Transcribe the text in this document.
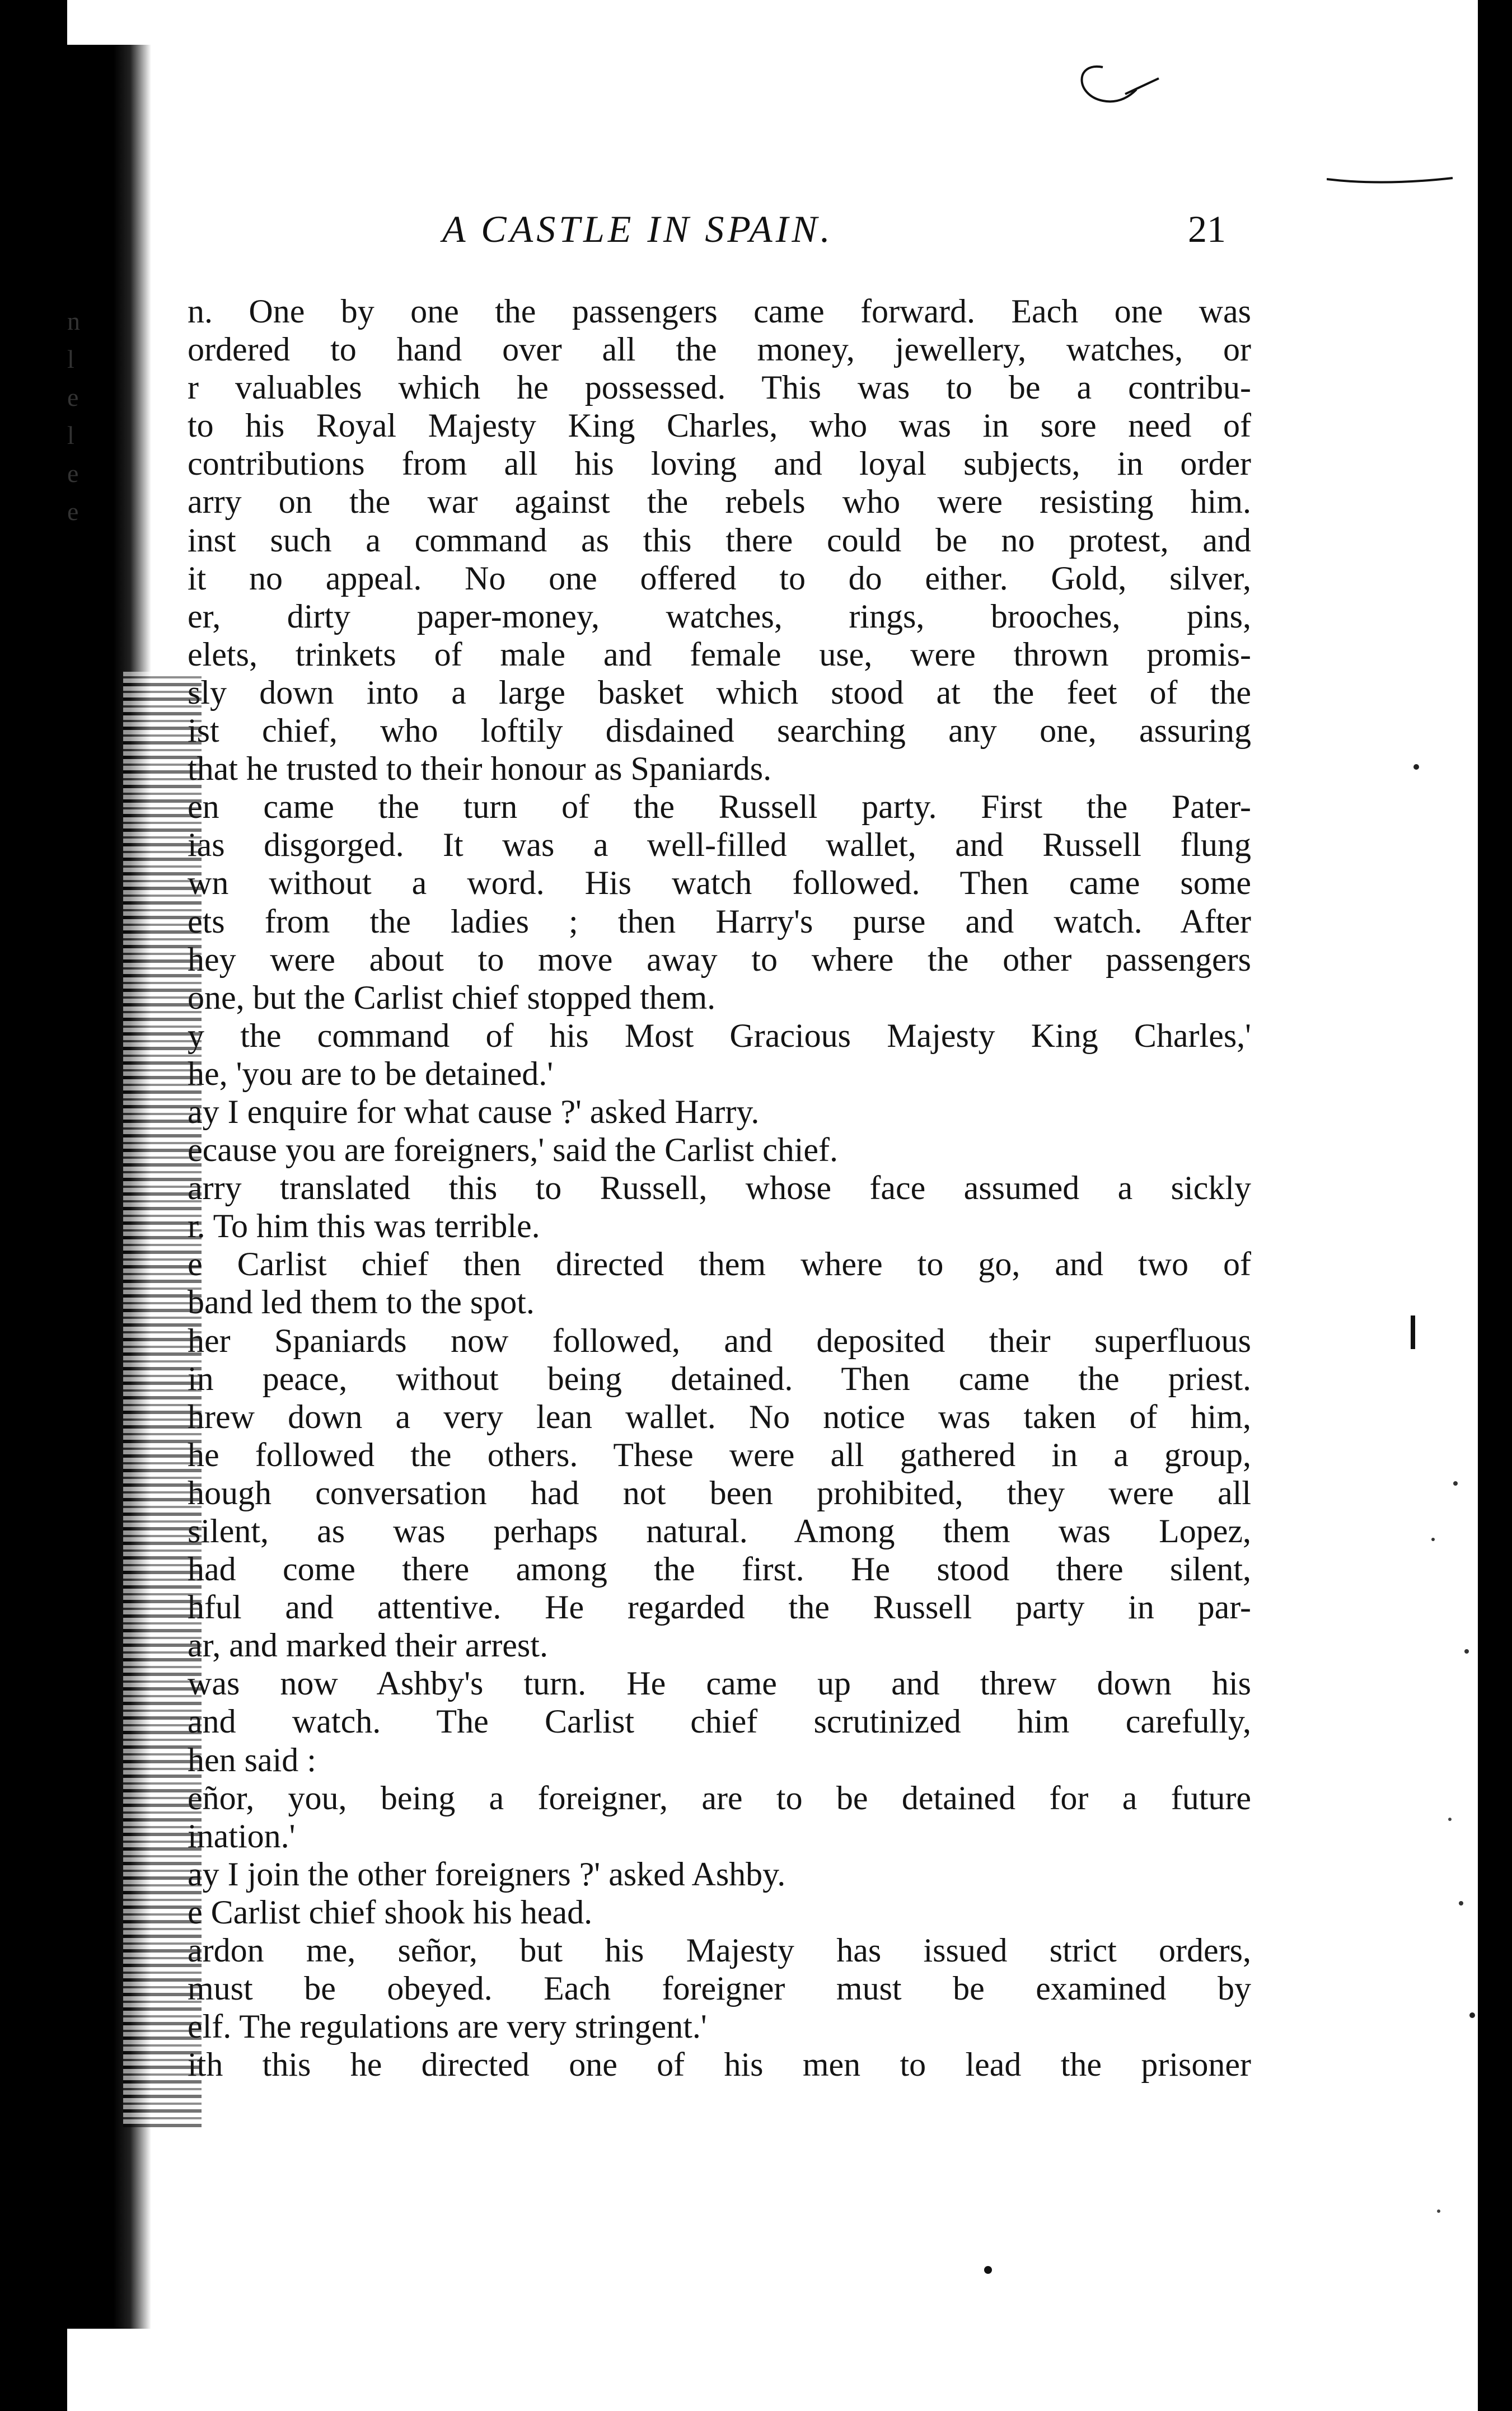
n
l
e
l
e
e
A CASTLE IN SPAIN.	21
n. One by one the passengers came forward. Each one was
ordered to hand over all the money, jewellery, watches, or
r valuables which he possessed. This was to be a contribu-
to his Royal Majesty King Charles, who was in sore need of
contributions from all his loving and loyal subjects, in order
arry on the war against the rebels who were resisting him.
inst such a command as this there could be no protest, and
it no appeal. No one offered to do either. Gold, silver,
er, dirty paper-money, watches, rings, brooches, pins,
elets, trinkets of male and female use, were thrown promis-
sly down into a large basket which stood at the feet of the
ist chief, who loftily disdained searching any one, assuring
that he trusted to their honour as Spaniards.
en came the turn of the Russell party. First the Pater-
ias disgorged. It was a well-filled wallet, and Russell flung
wn without a word. His watch followed. Then came some
ets from the ladies ; then Harry's purse and watch. After
hey were about to move away to where the other passengers
one, but the Carlist chief stopped them.
y the command of his Most Gracious Majesty King Charles,'
he, 'you are to be detained.'
ay I enquire for what cause ?' asked Harry.
ecause you are foreigners,' said the Carlist chief.
arry translated this to Russell, whose face assumed a sickly
r. To him this was terrible.
e Carlist chief then directed them where to go, and two of
band led them to the spot.
her Spaniards now followed, and deposited their superfluous
in peace, without being detained. Then came the priest.
hrew down a very lean wallet. No notice was taken of him,
he followed the others. These were all gathered in a group,
hough conversation had not been prohibited, they were all
silent, as was perhaps natural. Among them was Lopez,
had come there among the first. He stood there silent,
hful and attentive. He regarded the Russell party in par-
ar, and marked their arrest.
was now Ashby's turn. He came up and threw down his
and watch. The Carlist chief scrutinized him carefully,
hen said :
eñor, you, being a foreigner, are to be detained for a future
ination.'
ay I join the other foreigners ?' asked Ashby.
e Carlist chief shook his head.
ardon me, señor, but his Majesty has issued strict orders,
must be obeyed. Each foreigner must be examined by
elf. The regulations are very stringent.'
ith this he directed one of his men to lead the prisoner
